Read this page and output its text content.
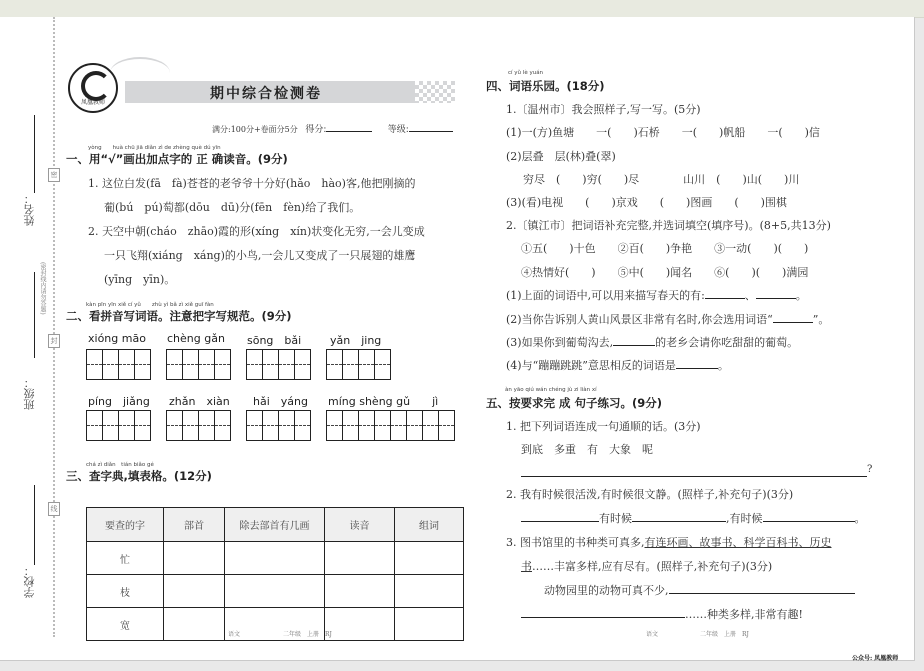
姓名：
班级：
学校：
密
(密封线内请勿答题)
封
线
凤凰教师
期中综合检测卷
满分:100分+卷面分5分 得分:	等级:
yòng　　huà chū jiā diǎn zì de zhèng què dú yīn
一、用“√”画出加点字的 正 确读音。(9分)
1. 这位白发(fā　fà)苍苍的老爷爷十分好(hǎo　hào)客,他把刚摘的
葡(bú　pú)萄都(dōu　dū)分(fēn　fèn)给了我们。
2. 天空中朝(cháo　zhāo)霞的形(xíng　xín)状变化无穷,一会儿变成
一只飞翔(xiáng　xáng)的小鸟,一会儿又变成了一只展翅的雄鹰
(yīng　yīn)。
kàn pīn yīn xiě cí yǔ　　zhù yì bǎ zì xiě guī fàn
二、看拼音写词语。注意把字写规范。(9分)
xióng māo chèng gǎn sōng　bǎi	yǎn　jing
píng　jiǎng zhǎn　xiàn hǎi　yáng míng shèng gǔ　　jì
chá zì diǎn　tián biǎo gé
三、查字典,填表格。(12分)
要查的字	部首	除去部首有几画	读音	组词
忙				
枝				
宽				
语文	二年级　上册　RJ
cí yǔ lè yuán
四、词语乐园。(18分)
1.〔温州市〕我会照样子,写一写。(5分)
(1)一(方)鱼塘　　一(　　)石桥　　一(　　)帆船　　一(　　)信
(2)层叠　层(林)叠(翠)
穷尽　(　　)穷(　　)尽　　　　山川　(　　)山(　　)川
(3)(看)电视　　(　　)京戏　　(　　)图画　　(　　)围棋
2.〔镇江市〕把词语补充完整,并选词填空(填序号)。(8+5,共13分)
①五(　　)十色　　②百(　　)争艳　　③一动(　　)(　　)
④热情好(　　)　　⑤中(　　)闻名　　⑥(　　)(　　)满园
(1)上面的词语中,可以用来描写春天的有:	、	。
(2)当你告诉别人黄山风景区非常有名时,你会选用词语“	”。
(3)如果你到葡萄沟去,	的老乡会请你吃甜甜的葡萄。
(4)与“蹦蹦跳跳”意思相反的词语是	。
àn yāo qiú wán chéng jù zi liàn xí
五、按要求完 成 句子练习。(9分)
1. 把下列词语连成一句通顺的话。(3分)
到底　多重　有　大象　呢
?
2. 我有时候很活泼,有时候很文静。(照样子,补充句子)(3分)
有时候	,有时候	。
3. 图书馆里的书种类可真多,有连环画、故事书、科学百科书、历史
书……丰富多样,应有尽有。(照样子,补充句子)(3分)
动物园里的动物可真不少,
……种类多样,非常有趣!
语文	二年级　上册　RJ
公众号: 凤凰教师
